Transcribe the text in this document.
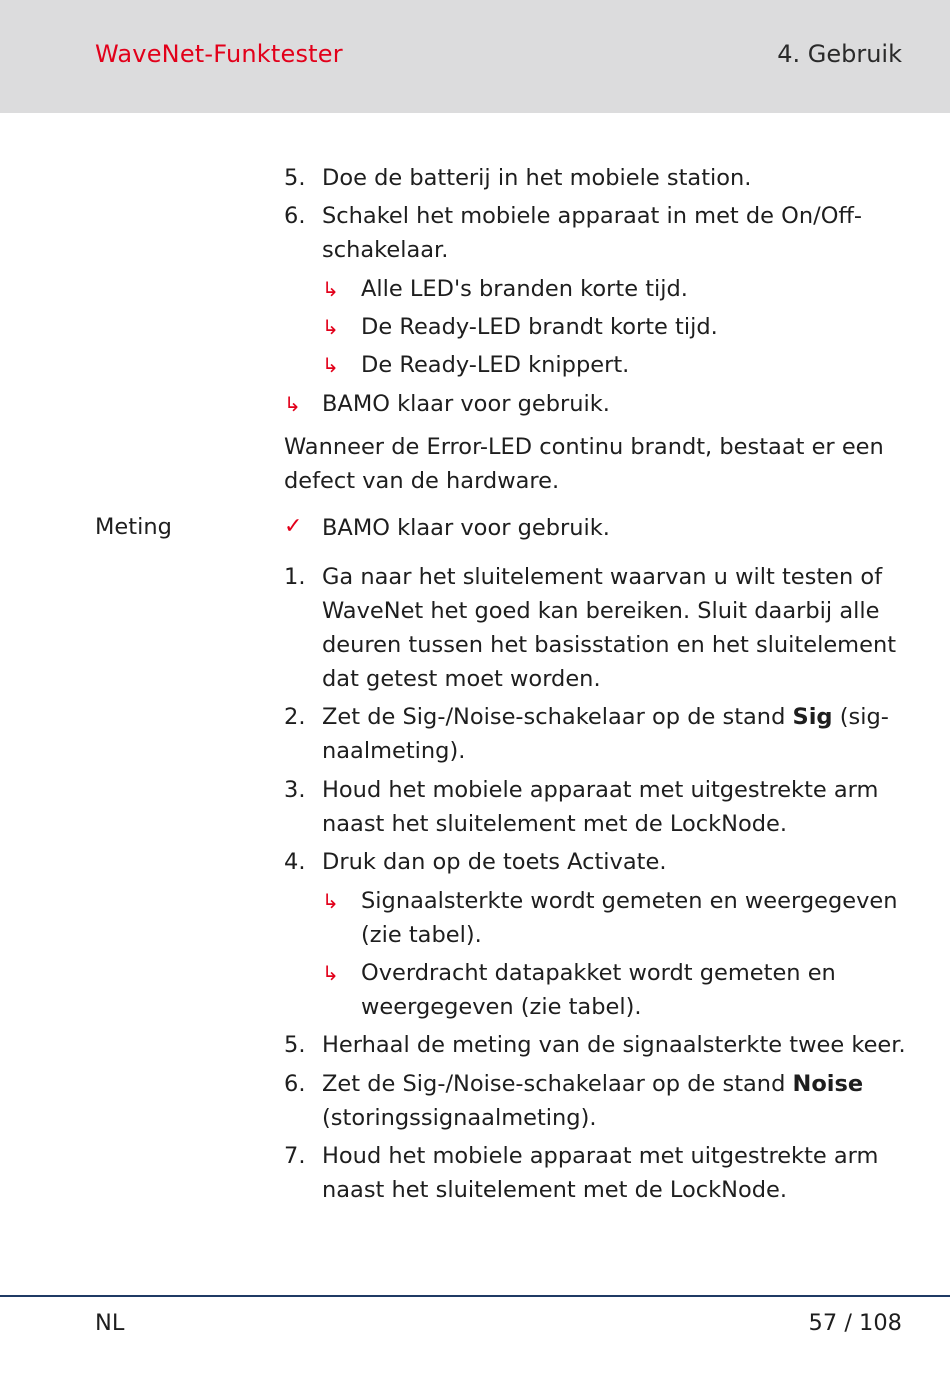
WaveNet-Funktester	4. Gebruik
5. Doe de batterij in het mobiele station.

6. Schakel het mobiele apparaat in met de On/Off-

schakelaar.

↳ Alle LED's branden korte tijd.

↳ De Ready-LED brandt korte tijd.

↳ De Ready-LED knippert.

↳ BAMO klaar voor gebruik.

Wanneer de Error-LED continu brandt, bestaat er een

defect van de hardware.

Meting	✓ BAMO klaar voor gebruik.

1. Ga naar het sluitelement waarvan u wilt testen of

WaveNet het goed kan bereiken. Sluit daarbij alle

deuren tussen het basisstation en het sluitelement

dat getest moet worden.

2. Zet de Sig-/Noise-schakelaar op de stand Sig (sig-

naalmeting).

3. Houd het mobiele apparaat met uitgestrekte arm

naast het sluitelement met de LockNode.

4. Druk dan op de toets Activate.

↳ Signaalsterkte wordt gemeten en weergegeven

(zie tabel).

↳ Overdracht datapakket wordt gemeten en

weergegeven (zie tabel).

5. Herhaal de meting van de signaalsterkte twee keer.

6. Zet de Sig-/Noise-schakelaar op de stand Noise

(storingssignaalmeting).

7. Houd het mobiele apparaat met uitgestrekte arm

naast het sluitelement met de LockNode.

NL	57 / 108
